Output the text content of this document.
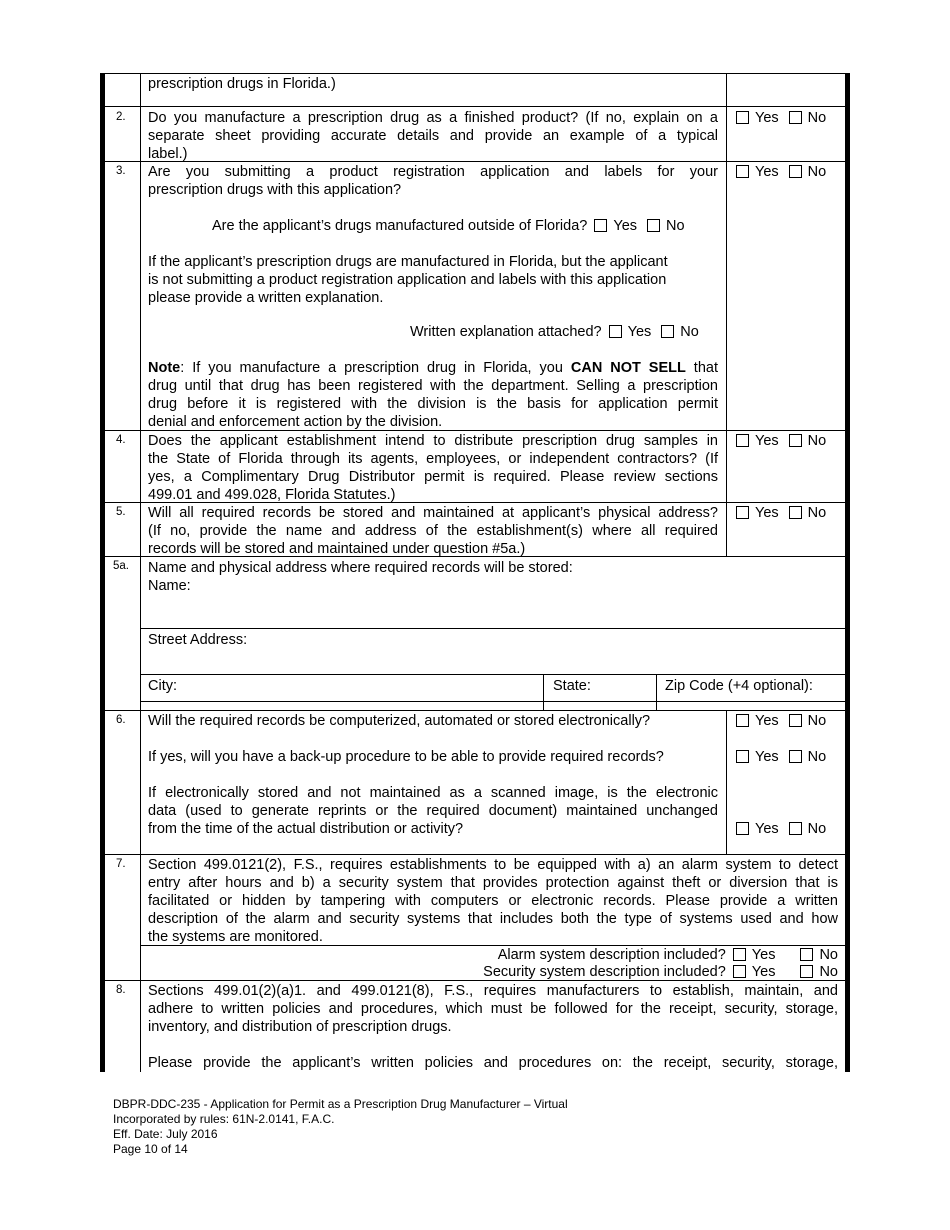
prescription drugs in Florida.)
2. Do you manufacture a prescription drug as a finished product? (If no, explain on a
separate sheet providing accurate details and provide an example of a typical
label.)
Yes No
3. Are you submitting a product registration application and labels for your
prescription drugs with this application?
Yes No
Are the applicant’s drugs manufactured outside of Florida? Yes No
If the applicant’s prescription drugs are manufactured in Florida, but the applicant
is not submitting a product registration application and labels with this application
please provide a written explanation.
Written explanation attached? Yes No
Note: If you manufacture a prescription drug in Florida, you CAN NOT SELL that
drug until that drug has been registered with the department. Selling a prescription
drug before it is registered with the division is the basis for application permit
denial and enforcement action by the division.
4. Does the applicant establishment intend to distribute prescription drug samples in
the State of Florida through its agents, employees, or independent contractors? (If
yes, a Complimentary Drug Distributor permit is required. Please review sections
499.01 and 499.028, Florida Statutes.)
Yes No
5. Will all required records be stored and maintained at applicant’s physical address?
(If no, provide the name and address of the establishment(s) where all required
records will be stored and maintained under question #5a.)
Yes No
5a. Name and physical address where required records will be stored:
Name:
Street Address:
City:	State:	Zip Code (+4 optional):
6. Will the required records be computerized, automated or stored electronically?	Yes No
If yes, will you have a back-up procedure to be able to provide required records?	Yes No
If electronically stored and not maintained as a scanned image, is the electronic
data (used to generate reprints or the required document) maintained unchanged
from the time of the actual distribution or activity?	Yes No
7. Section 499.0121(2), F.S., requires establishments to be equipped with a) an alarm system to detect
entry after hours and b) a security system that provides protection against theft or diversion that is
facilitated or hidden by tampering with computers or electronic records. Please provide a written
description of the alarm and security systems that includes both the type of systems used and how
the systems are monitored.
Alarm system description included? Yes	No
Security system description included? Yes	No
8. Sections 499.01(2)(a)1. and 499.0121(8), F.S., requires manufacturers to establish, maintain, and
adhere to written policies and procedures, which must be followed for the receipt, security, storage,
inventory, and distribution of prescription drugs.
Please provide the applicant’s written policies and procedures on: the receipt, security, storage,
DBPR-DDC-235 - Application for Permit as a Prescription Drug Manufacturer – Virtual
Incorporated by rules: 61N-2.0141, F.A.C.
Eff. Date: July 2016
Page 10 of 14
